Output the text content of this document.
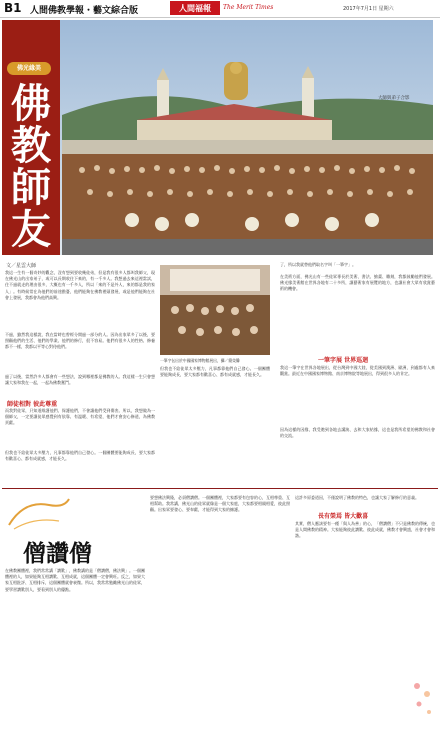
B1 人間佛教學報・藝文綜合版	人間福報	The Merit Times	2017年7月1日 星期六
大師與弟子合影
佛光緣美
佛
教
師
友
文／星雲大師
我這一生有一個奇妙的觀念，沒有想到要收幾徒弟，但是我有很多人都叫我師父，現在佛光山的出家弟子，或可以長期收住下來的，有一千多人。我想過去來這裡當試，住不過就走的理由很多，大概也有一千多人，所以「來的不是外人，來的都是我的家人」。有時候常在為他們的前途擔憂，他們能夠在佛教裡頭發展，或是他們能夠在社會上發展，我都會為他們高興。
不過，雖然我這樣說，我在當時也曾經分開過一部分的人。因為出家眾多了以後，要照顧他們的生活、他們的學業、他們的修行，很不容易。他們有很多人的性格、修養都不一樣，我都以平等心對待他們。
過了以後，當然許多人都會有一些想法，說到哪裡都是佛教的人。我這樣一生只會想讓大家和我在一起，一起為佛教奮鬥。
師徒相對 彼此尊重
而我對徒眾，只知道維護他們、保護他們，不會讓他們受到傷害。所以，我想做為一個師父，一定要讓徒眾感覺到有依靠、有溫暖、有希望，他們才會安心修道，為佛教貢獻。
但我也不給徒眾太多壓力，凡事都靠他們自己發心。一個團體要能夠成長，要大家都有歡喜心、都有成就感，才能長久。
一筆字伝出於中國國家博物館展出，攝／簡榮馨
但我也不給徒眾太多壓力，凡事都靠他們自己發心。一個團體要能夠成長，要大家都有歡喜心、都有成就感，才能長久。
了，所以我就替他們取名字叫「一筆字」。
在美術方面，佛光山有一些徒眾專長於美術、書法、繪畫、雕刻，我都鼓勵他們發展。佛光緣美術館在世界各地有二十多所，讓藝術家有展覽的地方，也讓社會大眾有欣賞藝術的機會。
一筆字展 世界巡迴
我這一筆字在世界各地展出，從台灣到中國大陸，從美國到澳洲、歐洲，到處都有人來觀賞。最近在中國國家博物館、南京博物院等地展出，得到很多人的肯定。
因為這樣的因緣，我受邀到各地去講演、去和大家結緣，這也是我所希望的佛教和社會的交流。
僧讚僧
在佛教團體裡，我們常常講「讚歎」，佛教講的是「僧讚僧，佛法興」。一個團體裡的人，如果能夠互相讚歎、互相成就，這個團體一定會興旺。反之，如果大家互相批評、互相排斥，這個團體就會衰微。所以，我常常勉勵佛光山的徒眾，要學習讚歎別人，要看到別人的優點。
要想佛法興隆，必須僧讚僧。一個團體裡，大家都要有包容的心，互相尊重、互相幫助。我常講，佛光山的徒眾就像是一個大家庭，大家都要相親相愛，彼此照顧。出家眾要發心、要奉獻，才能得到大家的擁護。
這許多原委道因，不僅說明了佛教的特色，也讓大家了解修行的意義。
長有榮焉 皆大歡喜
其實，僧人應該要有一種「與人為善」的心，「僧讚僧」不只是佛教的傳統，也是人間佛教的精神。大家能夠彼此讚歎、彼此成就，佛教才會興盛，社會才會和諧。
